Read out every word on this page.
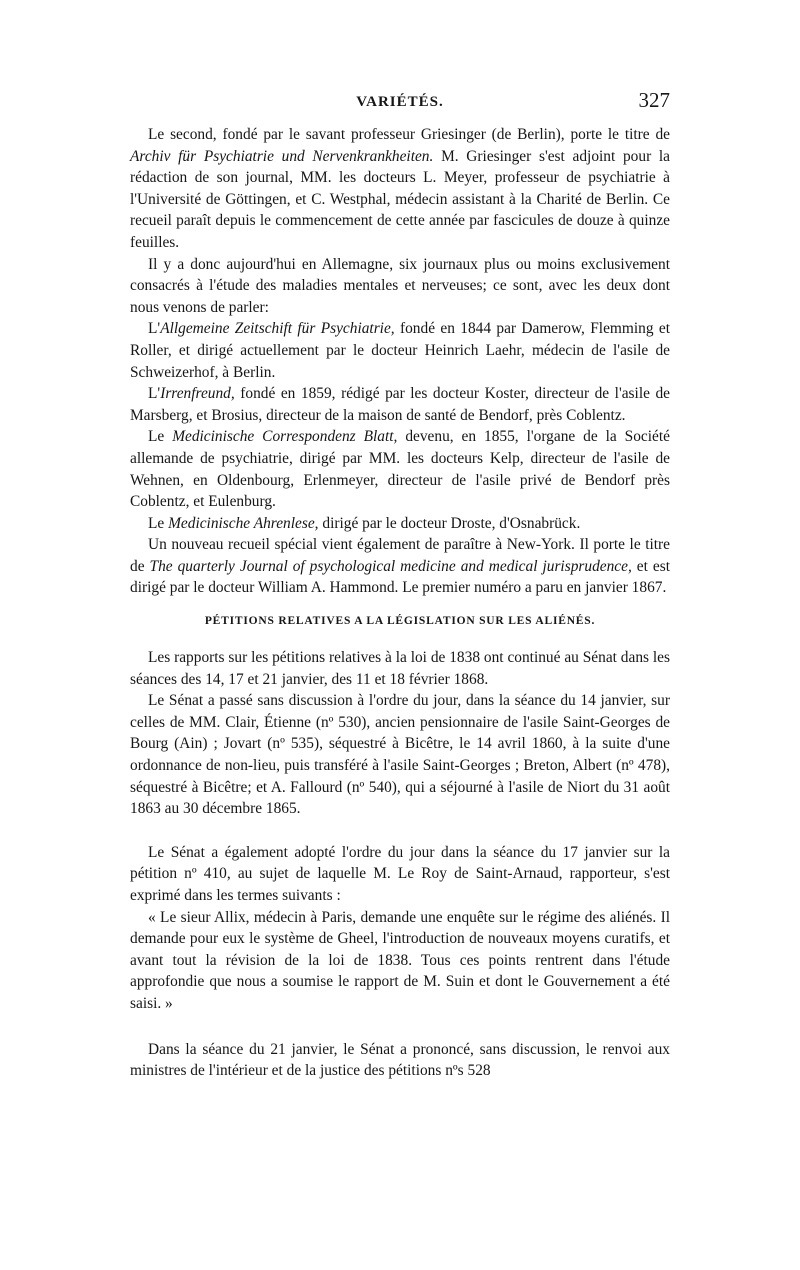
VARIÉTÉS.	327

Le second, fondé par le savant professeur Griesinger (de Berlin), porte le titre de Archiv für Psychiatrie und Nervenkrankheiten. M. Griesinger s'est adjoint pour la rédaction de son journal, MM. les docteurs L. Meyer, professeur de psychiatrie à l'Université de Göttingen, et C. Westphal, médecin assistant à la Charité de Berlin. Ce recueil paraît depuis le commencement de cette année par fascicules de douze à quinze feuilles.

Il y a donc aujourd'hui en Allemagne, six journaux plus ou moins exclusivement consacrés à l'étude des maladies mentales et nerveuses; ce sont, avec les deux dont nous venons de parler:

L'Allgemeine Zeitschift für Psychiatrie, fondé en 1844 par Damerow, Flemming et Roller, et dirigé actuellement par le docteur Heinrich Laehr, médecin de l'asile de Schweizerhof, à Berlin.

L'Irrenfreund, fondé en 1859, rédigé par les docteur Koster, directeur de l'asile de Marsberg, et Brosius, directeur de la maison de santé de Bendorf, près Coblentz.

Le Medicinische Correspondenz Blatt, devenu, en 1855, l'organe de la Société allemande de psychiatrie, dirigé par MM. les docteurs Kelp, directeur de l'asile de Wehnen, en Oldenbourg, Erlenmeyer, directeur de l'asile privé de Bendorf près Coblentz, et Eulenburg.

Le Medicinische Ahrenlese, dirigé par le docteur Droste, d'Osnabrück.

Un nouveau recueil spécial vient également de paraître à New-York. Il porte le titre de The quarterly Journal of psychological medicine and medical jurisprudence, et est dirigé par le docteur William A. Hammond. Le premier numéro a paru en janvier 1867.

PÉTITIONS RELATIVES A LA LÉGISLATION SUR LES ALIÉNÉS.

Les rapports sur les pétitions relatives à la loi de 1838 ont continué au Sénat dans les séances des 14, 17 et 21 janvier, des 11 et 18 février 1868.

Le Sénat a passé sans discussion à l'ordre du jour, dans la séance du 14 janvier, sur celles de MM. Clair, Étienne (nº 530), ancien pensionnaire de l'asile Saint-Georges de Bourg (Ain) ; Jovart (nº 535), séquestré à Bicêtre, le 14 avril 1860, à la suite d'une ordonnance de non-lieu, puis transféré à l'asile Saint-Georges ; Breton, Albert (nº 478), séquestré à Bicêtre; et A. Fallourd (nº 540), qui a séjourné à l'asile de Niort du 31 août 1863 au 30 décembre 1865.

Le Sénat a également adopté l'ordre du jour dans la séance du 17 janvier sur la pétition nº 410, au sujet de laquelle M. Le Roy de Saint-Arnaud, rapporteur, s'est exprimé dans les termes suivants :

« Le sieur Allix, médecin à Paris, demande une enquête sur le régime des aliénés. Il demande pour eux le système de Gheel, l'introduction de nouveaux moyens curatifs, et avant tout la révision de la loi de 1838. Tous ces points rentrent dans l'étude approfondie que nous a soumise le rapport de M. Suin et dont le Gouvernement a été saisi. »

Dans la séance du 21 janvier, le Sénat a prononcé, sans discussion, le renvoi aux ministres de l'intérieur et de la justice des pétitions nºs 528
